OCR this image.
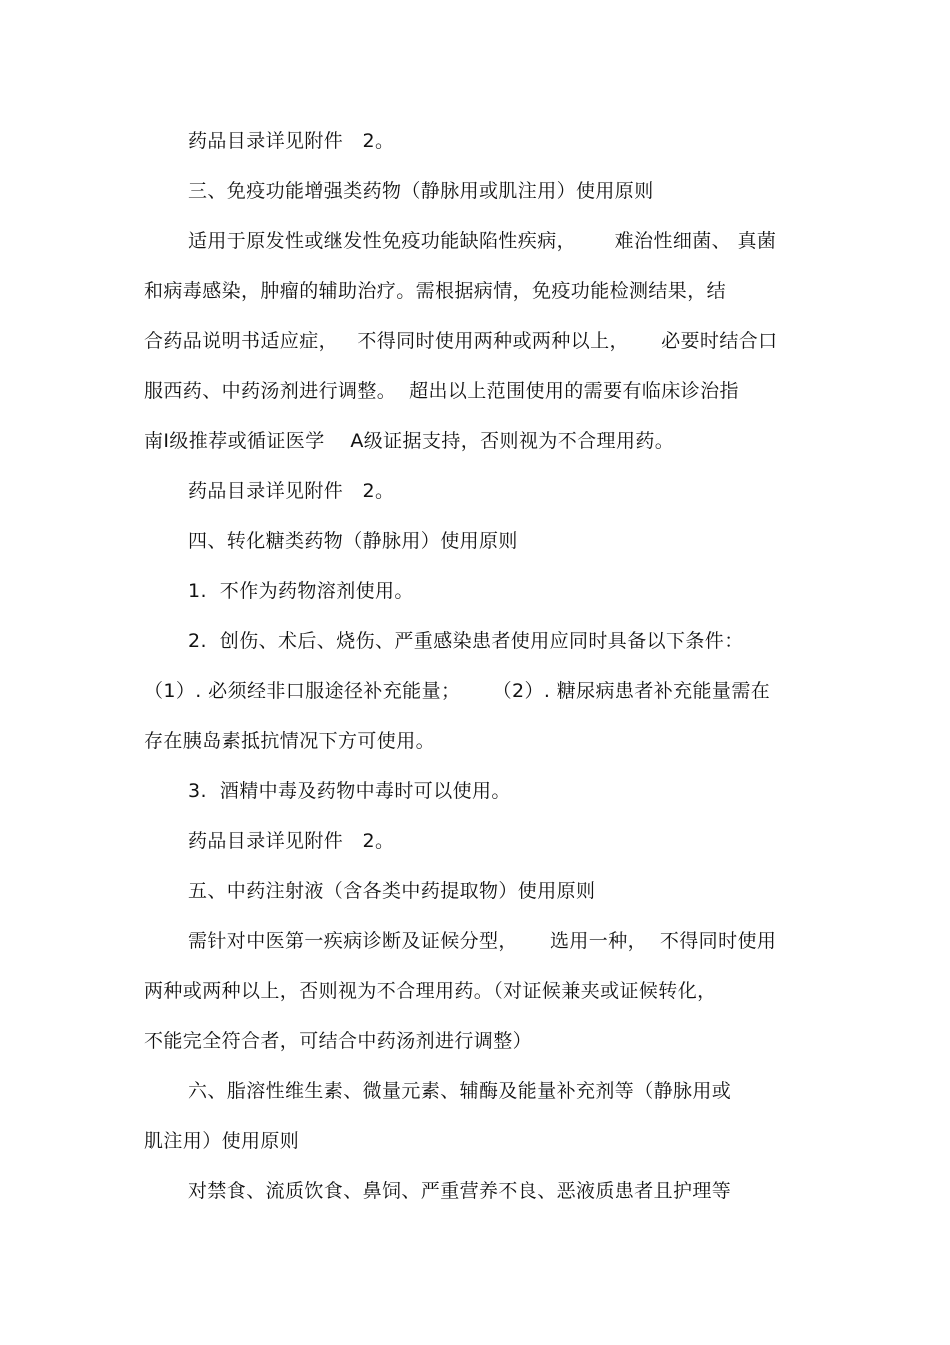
药品目录详见附件   2。
三、免疫功能增强类药物（静脉用或肌注用）使用原则
适用于原发性或继发性免疫功能缺陷性疾病，      难治性细菌、 真菌
和病毒感染，肿瘤的辅助治疗。需根据病情，免疫功能检测结果，结
合药品说明书适应症，   不得同时使用两种或两种以上，     必要时结合口
服西药、中药汤剂进行调整。  超出以上范围使用的需要有临床诊治指
南Ⅰ级推荐或循证医学    A级证据支持，否则视为不合理用药。
药品目录详见附件   2。
四、转化糖类药物（静脉用）使用原则
1.  不作为药物溶剂使用。
2.  创伤、术后、烧伤、严重感染患者使用应同时具备以下条件：
（1）. 必须经非口服途径补充能量；     （2）. 糖尿病患者补充能量需在
存在胰岛素抵抗情况下方可使用。
3.  酒精中毒及药物中毒时可以使用。
药品目录详见附件   2。
五、中药注射液（含各类中药提取物）使用原则
需针对中医第一疾病诊断及证候分型，     选用一种，  不得同时使用
两种或两种以上，否则视为不合理用药。（对证候兼夹或证候转化，
不能完全符合者，可结合中药汤剂进行调整）
六、脂溶性维生素、微量元素、辅酶及能量补充剂等（静脉用或
肌注用）使用原则
对禁食、流质饮食、鼻饲、严重营养不良、恶液质患者且护理等
